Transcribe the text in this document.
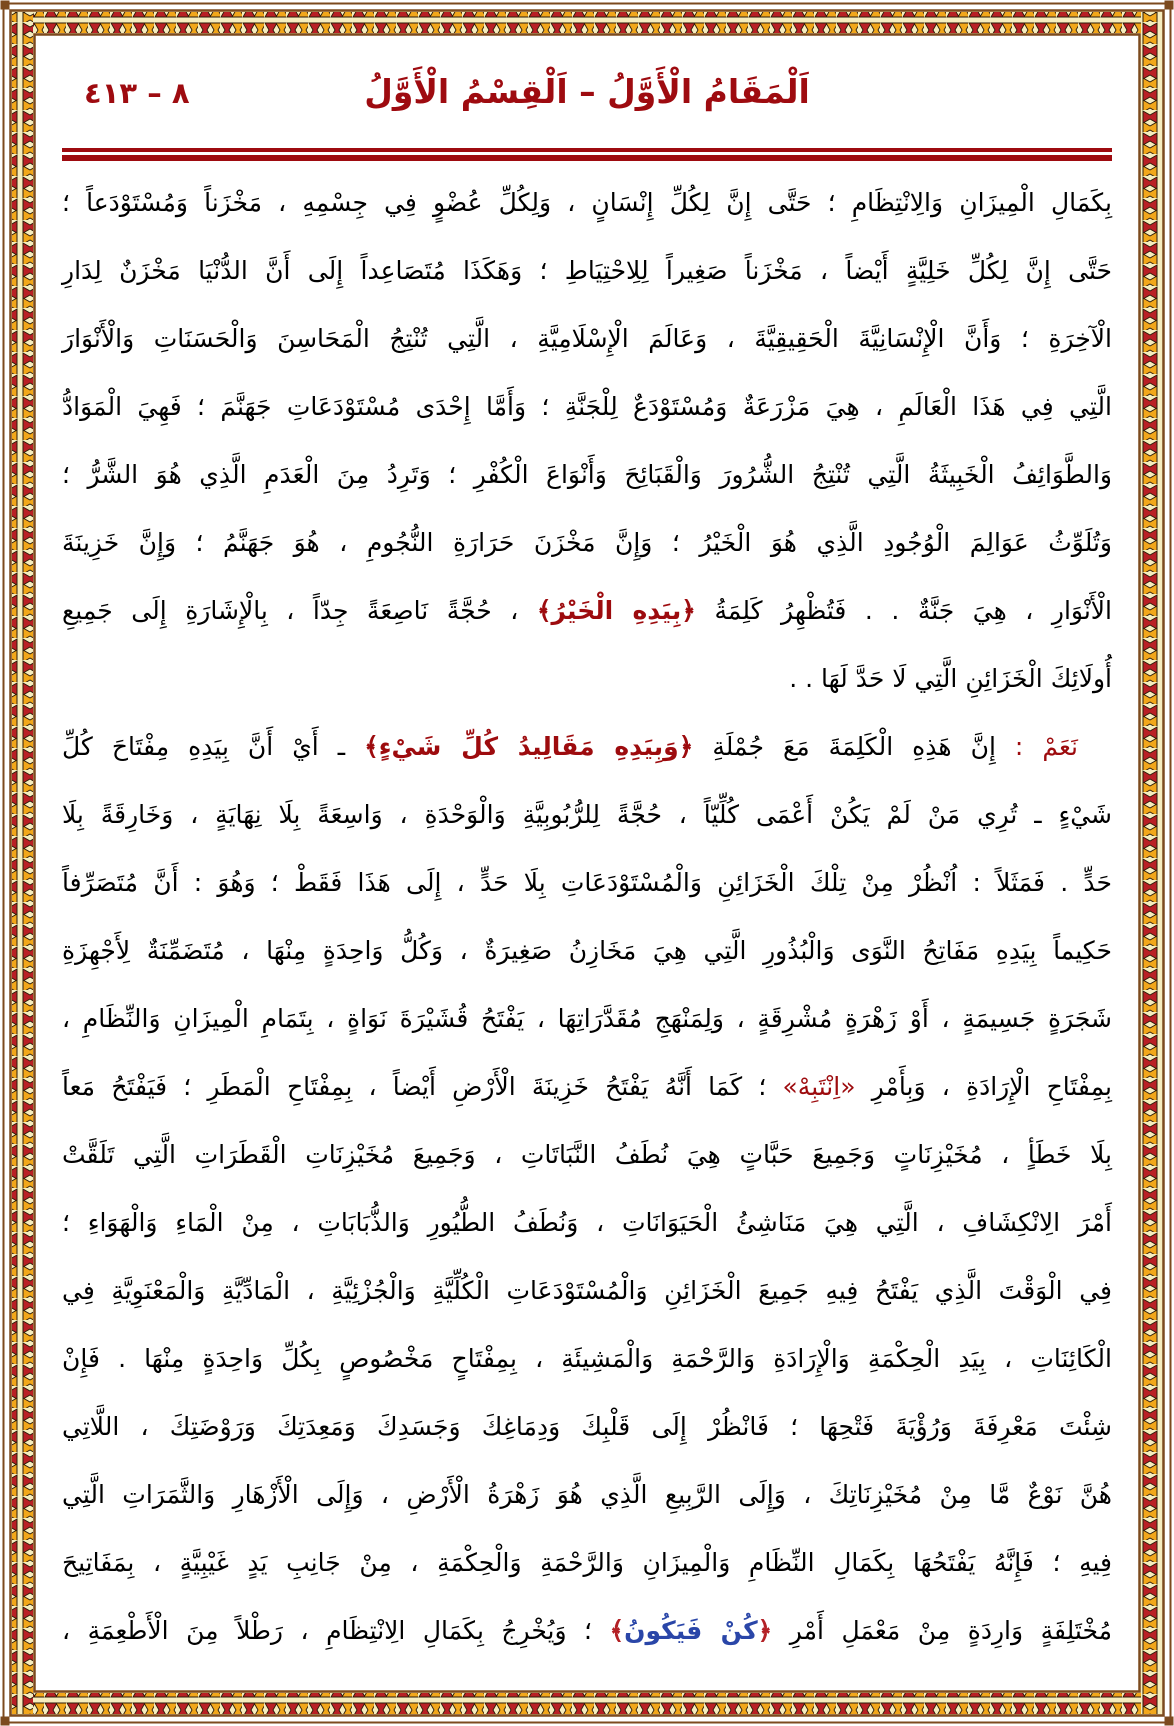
٨ – ٤١٣	اَلْمَقَامُ الْأَوَّلُ – اَلْقِسْمُ الْأَوَّلُ
بِكَمَالِ الْمِيزَانِ وَالِانْتِظَامِ ؛ حَتَّى إِنَّ لِكُلِّ إِنْسَانٍ ، وَلِكُلِّ عُضْوٍ فِي جِسْمِهِ ، مَخْزَناً وَمُسْتَوْدَعاً ؛
حَتَّى إِنَّ لِكُلِّ خَلِيَّةٍ أَيْضاً ، مَخْزَناً صَغِيراً لِلِاحْتِيَاطِ ؛ وَهَكَذَا مُتَصَاعِداً إِلَى أَنَّ الدُّنْيَا مَخْزَنٌ لِدَارِ
الْآخِرَةِ ؛ وَأَنَّ الْإِنْسَانِيَّةَ الْحَقِيقِيَّةَ ، وَعَالَمَ الْإِسْلَامِيَّةِ ، الَّتِي تُنْتِجُ الْمَحَاسِنَ وَالْحَسَنَاتِ وَالْأَنْوَارَ
الَّتِي فِي هَذَا الْعَالَمِ ، هِيَ مَزْرَعَةٌ وَمُسْتَوْدَعٌ لِلْجَنَّةِ ؛ وَأَمَّا إِحْدَى مُسْتَوْدَعَاتِ جَهَنَّمَ ؛ فَهِيَ الْمَوَادُّ
وَالطَّوَائِفُ الْخَبِيثَةُ الَّتِي تُنْتِجُ الشُّرُورَ وَالْقَبَائِحَ وَأَنْوَاعَ الْكُفْرِ ؛ وَتَرِدُ مِنَ الْعَدَمِ الَّذِي هُوَ الشَّرُّ ؛
وَتُلَوِّثُ عَوَالِمَ الْوُجُودِ الَّذِي هُوَ الْخَيْرُ ؛ وَإِنَّ مَخْزَنَ حَرَارَةِ النُّجُومِ ، هُوَ جَهَنَّمُ ؛ وَإِنَّ خَزِينَةَ
الْأَنْوَارِ ، هِيَ جَنَّةٌ . . فَتُظْهِرُ كَلِمَةُ ﴿بِيَدِهِ الْخَيْرُ﴾ ، حُجَّةً نَاصِعَةً جِدّاً ، بِالْإِشَارَةِ إِلَى جَمِيعِ
أُولَائِكَ الْخَزَائِنِ الَّتِي لَا حَدَّ لَهَا . .
نَعَمْ : إِنَّ هَذِهِ الْكَلِمَةَ مَعَ جُمْلَةِ ﴿وَبِيَدِهِ مَقَالِيدُ كُلِّ شَيْءٍ﴾ ـ أَيْ أَنَّ بِيَدِهِ مِفْتَاحَ كُلِّ
شَيْءٍ ـ تُرِي مَنْ لَمْ يَكُنْ أَعْمَى كُلِّيّاً ، حُجَّةً لِلرُّبُوبِيَّةِ وَالْوَحْدَةِ ، وَاسِعَةً بِلَا نِهَايَةٍ ، وَخَارِقَةً بِلَا
حَدٍّ . فَمَثَلاً : اُنْظُرْ مِنْ تِلْكَ الْخَزَائِنِ وَالْمُسْتَوْدَعَاتِ بِلَا حَدٍّ ، إِلَى هَذَا فَقَطْ ؛ وَهُوَ : أَنَّ مُتَصَرِّفاً
حَكِيماً بِيَدِهِ مَفَاتِحُ النَّوَى وَالْبُذُورِ الَّتِي هِيَ مَخَازِنُ صَغِيرَةٌ ، وَكُلُّ وَاحِدَةٍ مِنْهَا ، مُتَضَمِّنَةٌ لِأَجْهِزَةِ
شَجَرَةٍ جَسِيمَةٍ ، أَوْ زَهْرَةٍ مُشْرِقَةٍ ، وَلِمَنْهَجِ مُقَدَّرَاتِهَا ، يَفْتَحُ قُشَيْرَةَ نَوَاةٍ ، بِتَمَامِ الْمِيزَانِ وَالنِّظَامِ ،
بِمِفْتَاحِ الْإِرَادَةِ ، وَبِأَمْرِ «اِنْتَبِهْ» ؛ كَمَا أَنَّهُ يَفْتَحُ خَزِينَةَ الْأَرْضِ أَيْضاً ، بِمِفْتَاحِ الْمَطَرِ ؛ فَيَفْتَحُ مَعاً
بِلَا خَطَأٍ ، مُخَيْزِنَاتٍ وَجَمِيعَ حَبَّاتٍ هِيَ نُطَفُ النَّبَاتَاتِ ، وَجَمِيعَ مُخَيْزِنَاتِ الْقَطَرَاتِ الَّتِي تَلَقَّتْ
أَمْرَ الِانْكِشَافِ ، الَّتِي هِيَ مَنَاشِئُ الْحَيَوَانَاتِ ، وَنُطَفُ الطُّيُورِ وَالذُّبَابَاتِ ، مِنْ الْمَاءِ وَالْهَوَاءِ ؛
فِي الْوَقْتَ الَّذِي يَفْتَحُ فِيهِ جَمِيعَ الْخَزَائِنِ وَالْمُسْتَوْدَعَاتِ الْكُلِّيَّةِ وَالْجُزْئِيَّةِ ، الْمَادِّيَّةِ وَالْمَعْنَوِيَّةِ فِي
الْكَائِنَاتِ ، بِيَدِ الْحِكْمَةِ وَالْإِرَادَةِ وَالرَّحْمَةِ وَالْمَشِيئَةِ ، بِمِفْتَاحٍ مَخْصُوصٍ بِكُلِّ وَاحِدَةٍ مِنْهَا . فَإِنْ
شِئْتَ مَعْرِفَةَ وَرُؤْيَةَ فَتْحِهَا ؛ فَانْظُرْ إِلَى قَلْبِكَ وَدِمَاغِكَ وَجَسَدِكَ وَمَعِدَتِكَ وَرَوْضَتِكَ ، اللَّاتِي
هُنَّ نَوْعٌ مَّا مِنْ مُخَيْزِنَاتِكَ ، وَإِلَى الرَّبِيعِ الَّذِي هُوَ زَهْرَةُ الْأَرْضِ ، وَإِلَى الْأَزْهَارِ وَالثَّمَرَاتِ الَّتِي
فِيهِ ؛ فَإِنَّهُ يَفْتَحُهَا بِكَمَالِ النِّظَامِ وَالْمِيزَانِ وَالرَّحْمَةِ وَالْحِكْمَةِ ، مِنْ جَانِبِ يَدٍ غَيْبِيَّةٍ ، بِمَفَاتِيحَ
مُخْتَلِفَةٍ وَارِدَةٍ مِنْ مَعْمَلِ أَمْرِ ﴿كُنْ فَيَكُونُ﴾ ؛ وَيُخْرِجُ بِكَمَالِ الِانْتِظَامِ ، رَطْلاً مِنَ الْأَطْعِمَةِ ،
